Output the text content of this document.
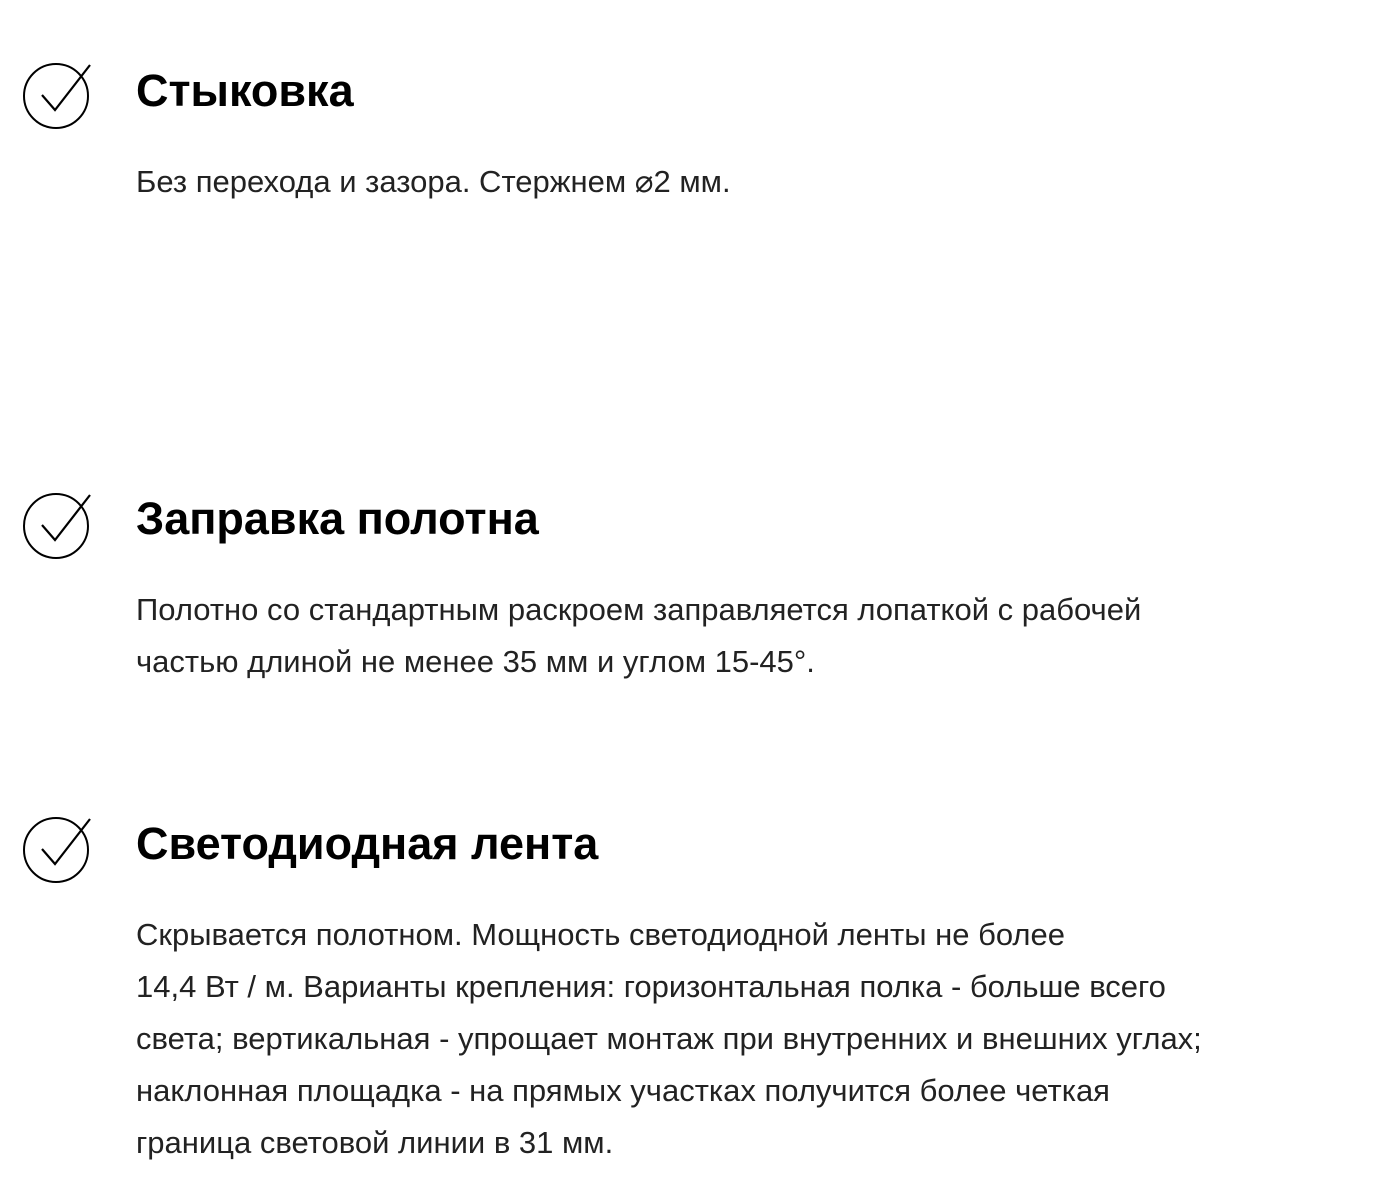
Стыковка

Без перехода и зазора. Стержнем ⌀2 мм.

Заправка полотна

Полотно со стандартным раскроем заправляется лопаткой с рабочей
частью длиной не менее 35 мм и углом 15-45°.

Светодиодная лента

Скрывается полотном. Мощность светодиодной ленты не более
14,4 Вт / м. Варианты крепления: горизонтальная полка - больше всего
света; вертикальная - упрощает монтаж при внутренних и внешних углах;
наклонная площадка - на прямых участках получится более четкая
граница световой линии в 31 мм.
